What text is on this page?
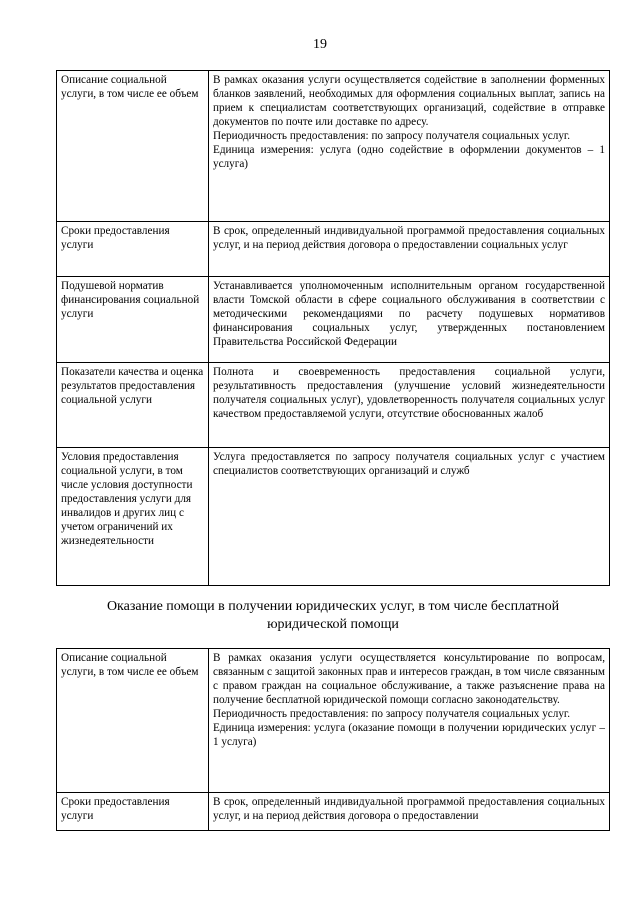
19
Описание социальной услуги, в том числе ее объем	В рамках оказания услуги осуществляется содействие в заполнении форменных бланков заявлений, необходимых для оформления социальных выплат, запись на прием к специалистам соответствующих организаций, содействие в отправке документов по почте или доставке по адресу.

Периодичность предоставления: по запросу получателя социальных услуг.

Единица измерения: услуга (одно содействие в оформлении документов – 1 услуга)

Сроки предоставления услуги	В срок, определенный индивидуальной программой предоставления социальных услуг, и на период действия договора о предоставлении социальных услуг

Подушевой норматив финансирования социальной услуги	Устанавливается уполномоченным исполнительным органом государственной власти Томской области в сфере социального обслуживания в соответствии с методическими рекомендациями по расчету подушевых нормативов финансирования социальных услуг, утвержденных постановлением Правительства Российской Федерации

Показатели качества и оценка результатов предоставления социальной услуги	Полнота и своевременность предоставления социальной услуги, результативность предоставления (улучшение условий жизнедеятельности получателя социальных услуг), удовлетворенность получателя социальных услуг качеством предоставляемой услуги, отсутствие обоснованных жалоб

Условия предоставления социальной услуги, в том числе условия доступности предоставления услуги для инвалидов и других лиц с учетом ограничений их жизнедеятельности	Услуга предоставляется по запросу получателя социальных услуг с участием специалистов соответствующих организаций и служб

Оказание помощи в получении юридических услуг, в том числе бесплатной юридической помощи
Описание социальной услуги, в том числе ее объем	В рамках оказания услуги осуществляется консультирование по вопросам, связанным с защитой законных прав и интересов граждан, в том числе связанным с правом граждан на социальное обслуживание, а также разъяснение права на получение бесплатной юридической помощи согласно законодательству.

Периодичность предоставления: по запросу получателя социальных услуг.

Единица измерения: услуга (оказание помощи в получении юридических услуг – 1 услуга)

Сроки предоставления услуги	В срок, определенный индивидуальной программой предоставления социальных услуг, и на период действия договора о предоставлении
